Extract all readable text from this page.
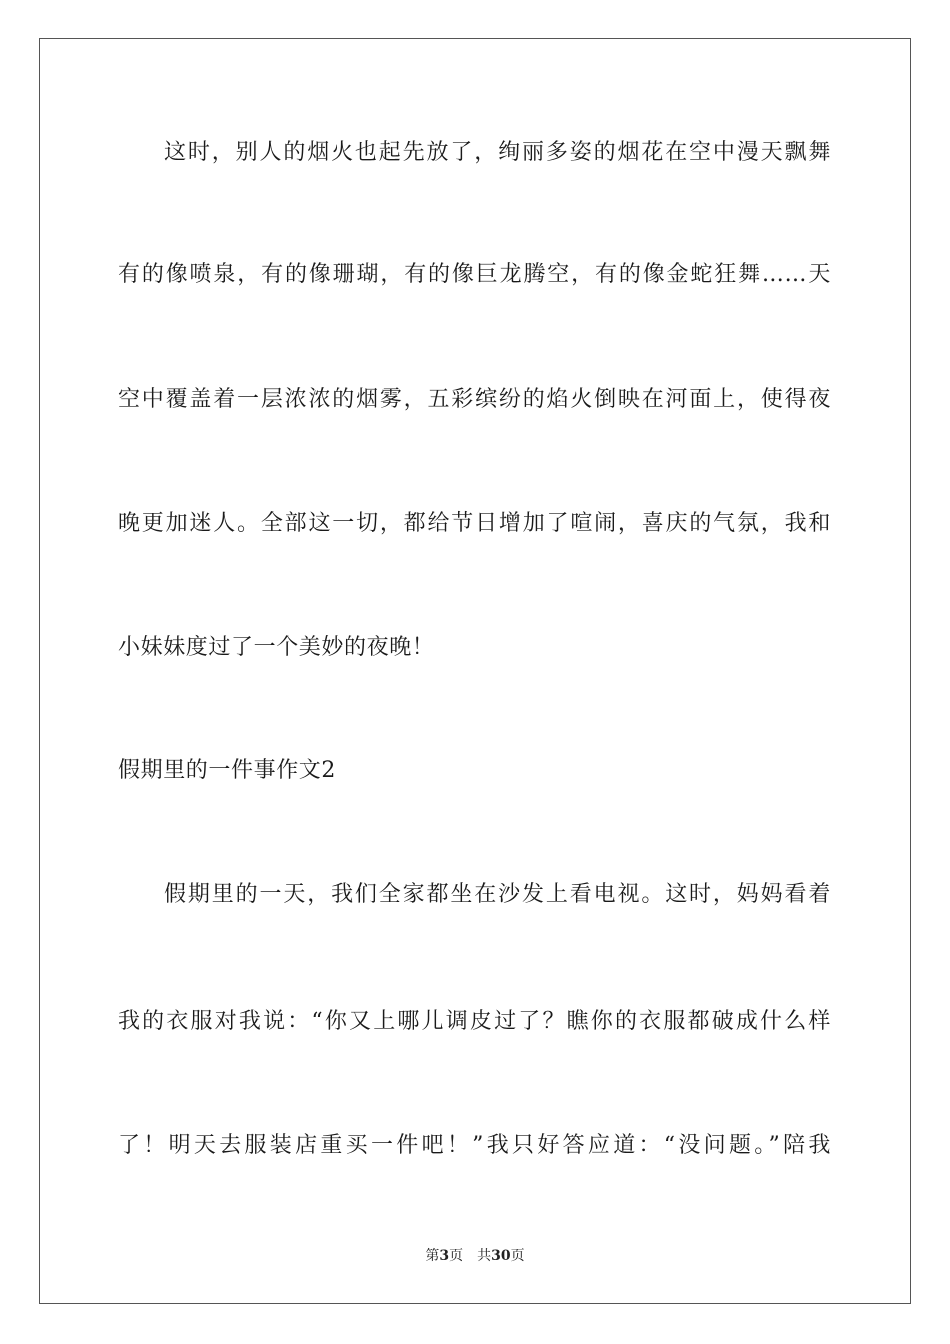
这时，别人的烟火也起先放了，绚丽多姿的烟花在空中漫天飘舞
有的像喷泉，有的像珊瑚，有的像巨龙腾空，有的像金蛇狂舞……天
空中覆盖着一层浓浓的烟雾，五彩缤纷的焰火倒映在河面上，使得夜
晚更加迷人。全部这一切，都给节日增加了喧闹，喜庆的气氛，我和
小妹妹度过了一个美妙的夜晚！
假期里的一件事作文2
假期里的一天，我们全家都坐在沙发上看电视。这时，妈妈看着
我的衣服对我说：“你又上哪儿调皮过了？瞧你的衣服都破成什么样
了！明天去服装店重买一件吧！”我只好答应道：“没问题。”陪我
第3页 共30页
